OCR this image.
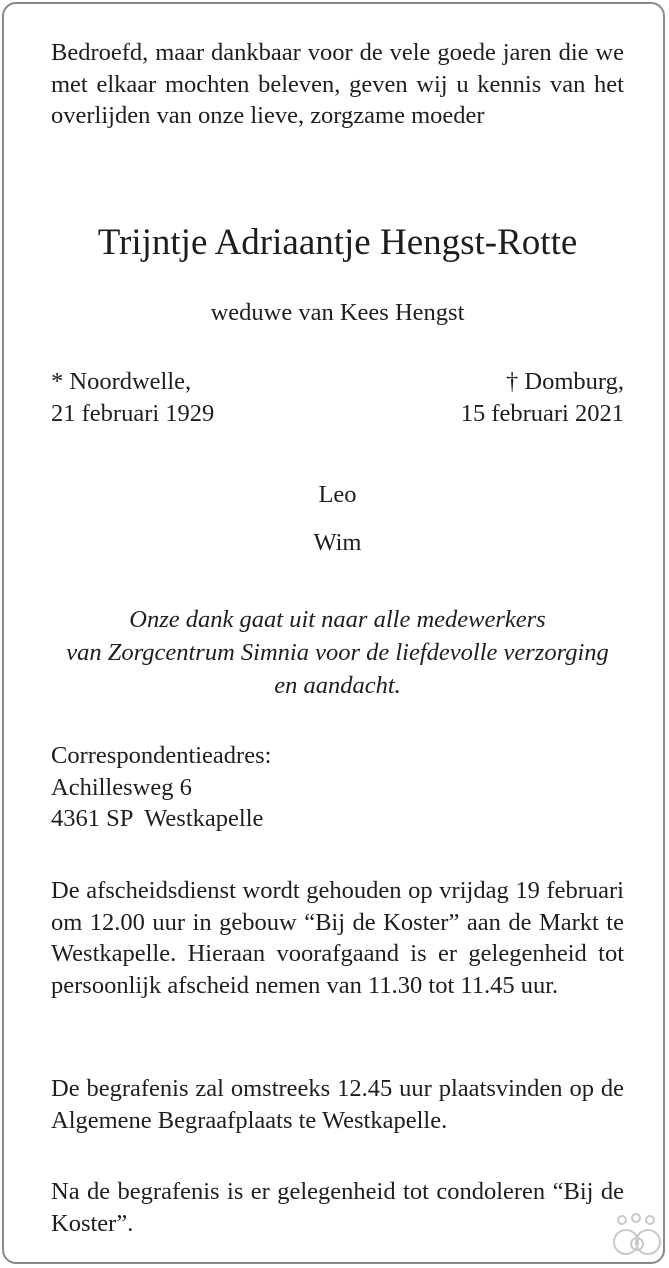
Bedroefd, maar dankbaar voor de vele goede jaren die we met elkaar mochten beleven, geven wij u kennis van het overlijden van onze lieve, zorgzame moeder

Trijntje Adriaantje Hengst-Rotte

weduwe van Kees Hengst

* Noordwelle,
21 februari 1929
† Domburg,
15 februari 2021

Leo

Wim

Onze dank gaat uit naar alle medewerkers
van Zorgcentrum Simnia voor de liefdevolle verzorging
en aandacht.
Correspondentieadres:
Achillesweg 6
4361 SP  Westkapelle

De afscheidsdienst wordt gehouden op vrijdag 19 februari om 12.00 uur in gebouw “Bij de Koster” aan de Markt te Westkapelle. Hieraan voorafgaand is er gelegenheid tot persoonlijk afscheid nemen van 11.30 tot 11.45 uur.

De begrafenis zal omstreeks 12.45 uur plaatsvinden op de Algemene Begraafplaats te Westkapelle.

Na de begrafenis is er gelegenheid tot condoleren “Bij de Koster”.
